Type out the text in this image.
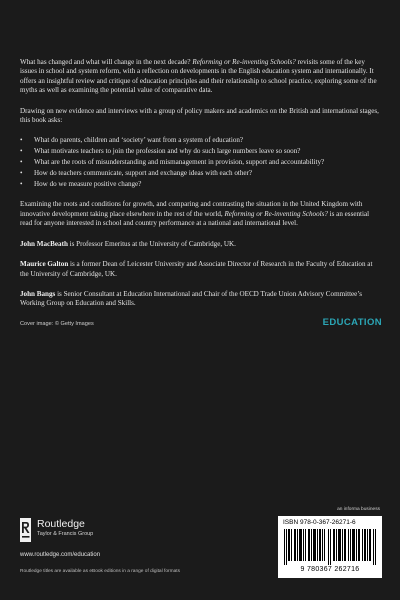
What has changed and what will change in the next decade? Reforming or Re-inventing Schools? revisits some of the key issues in school and system reform, with a reflection on developments in the English education system and internationally. It offers an insightful review and critique of education principles and their relationship to school practice, exploring some of the myths as well as examining the potential value of comparative data.

Drawing on new evidence and interviews with a group of policy makers and academics on the British and international stages, this book asks:

• What do parents, children and ‘society’ want from a system of education?
• What motivates teachers to join the profession and why do such large numbers leave so soon?
• What are the roots of misunderstanding and mismanagement in provision, support and accountability?
• How do teachers communicate, support and exchange ideas with each other?
• How do we measure positive change?

Examining the roots and conditions for growth, and comparing and contrasting the situation in the United Kingdom with innovative development taking place elsewhere in the rest of the world, Reforming or Re-inventing Schools? is an essential read for anyone interested in school and country performance at a national and international level.

John MacBeath is Professor Emeritus at the University of Cambridge, UK.

Maurice Galton is a former Dean of Leicester University and Associate Director of Research in the Faculty of Education at the University of Cambridge, UK.

John Bangs is Senior Consultant at Education International and Chair of the OECD Trade Union Advisory Committee’s Working Group on Education and Skills.

Cover image: © Getty Images	EDUCATION
Routledge
Taylor & Francis Group
www.routledge.com/education
Routledge titles are available as eBook editions in a range of digital formats
an informa business
ISBN 978-0-367-26271-6
9 780367 262716
